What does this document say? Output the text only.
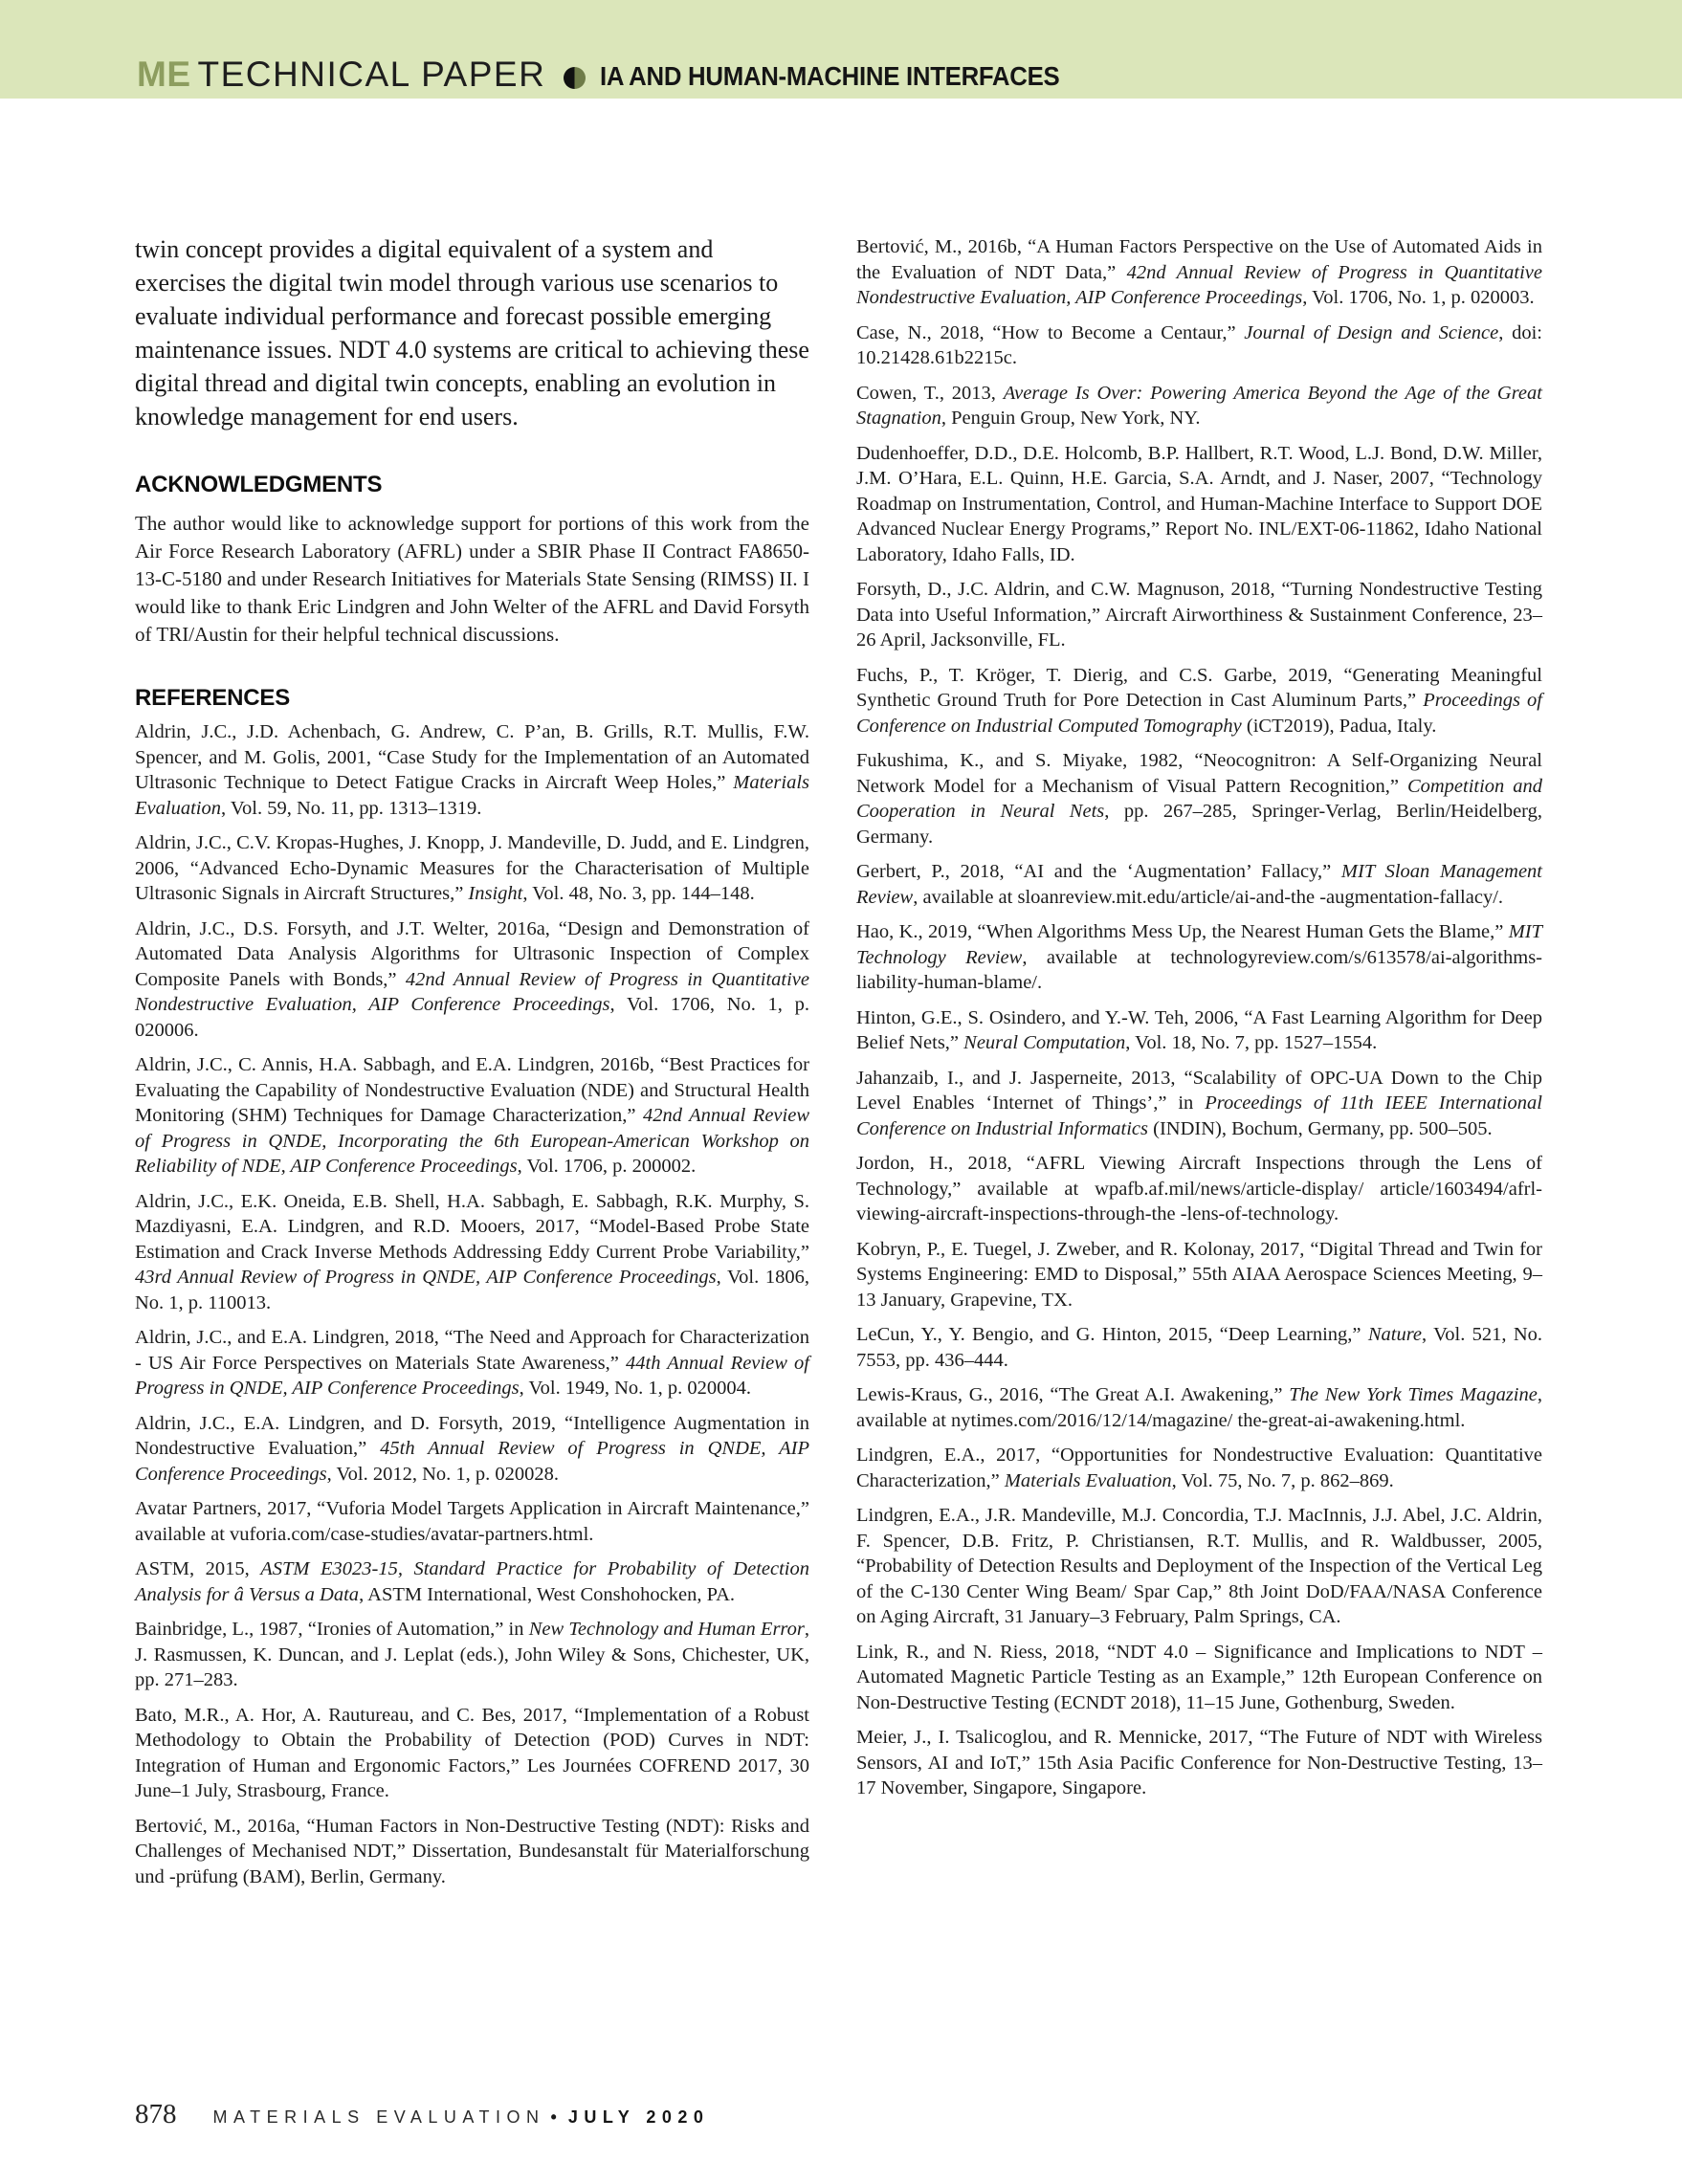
ME TECHNICAL PAPER IA AND HUMAN-MACHINE INTERFACES
twin concept provides a digital equivalent of a system and exercises the digital twin model through various use scenarios to evaluate individual performance and forecast possible emerging maintenance issues. NDT 4.0 systems are critical to achieving these digital thread and digital twin concepts, enabling an evolution in knowledge management for end users.
ACKNOWLEDGMENTS
The author would like to acknowledge support for portions of this work from the Air Force Research Laboratory (AFRL) under a SBIR Phase II Contract FA8650-13-C-5180 and under Research Initiatives for Materials State Sensing (RIMSS) II. I would like to thank Eric Lindgren and John Welter of the AFRL and David Forsyth of TRI/Austin for their helpful technical discussions.
REFERENCES
Aldrin, J.C., J.D. Achenbach, G. Andrew, C. P’an, B. Grills, R.T. Mullis, F.W. Spencer, and M. Golis, 2001, “Case Study for the Implementation of an Automated Ultrasonic Technique to Detect Fatigue Cracks in Aircraft Weep Holes,” Materials Evaluation, Vol. 59, No. 11, pp. 1313–1319.
Aldrin, J.C., C.V. Kropas-Hughes, J. Knopp, J. Mandeville, D. Judd, and E. Lindgren, 2006, “Advanced Echo-Dynamic Measures for the Characterisation of Multiple Ultrasonic Signals in Aircraft Structures,” Insight, Vol. 48, No. 3, pp. 144–148.
Aldrin, J.C., D.S. Forsyth, and J.T. Welter, 2016a, “Design and Demonstration of Automated Data Analysis Algorithms for Ultrasonic Inspection of Complex Composite Panels with Bonds,” 42nd Annual Review of Progress in Quantitative Nondestructive Evaluation, AIP Conference Proceedings, Vol. 1706, No. 1, p. 020006.
Aldrin, J.C., C. Annis, H.A. Sabbagh, and E.A. Lindgren, 2016b, “Best Practices for Evaluating the Capability of Nondestructive Evaluation (NDE) and Structural Health Monitoring (SHM) Techniques for Damage Characterization,” 42nd Annual Review of Progress in QNDE, Incorporating the 6th European-American Workshop on Reliability of NDE, AIP Conference Proceedings, Vol. 1706, p. 200002.
Aldrin, J.C., E.K. Oneida, E.B. Shell, H.A. Sabbagh, E. Sabbagh, R.K. Murphy, S. Mazdiyasni, E.A. Lindgren, and R.D. Mooers, 2017, “Model-Based Probe State Estimation and Crack Inverse Methods Addressing Eddy Current Probe Variability,” 43rd Annual Review of Progress in QNDE, AIP Conference Proceedings, Vol. 1806, No. 1, p. 110013.
Aldrin, J.C., and E.A. Lindgren, 2018, “The Need and Approach for Characterization - US Air Force Perspectives on Materials State Awareness,” 44th Annual Review of Progress in QNDE, AIP Conference Proceedings, Vol. 1949, No. 1, p. 020004.
Aldrin, J.C., E.A. Lindgren, and D. Forsyth, 2019, “Intelligence Augmentation in Nondestructive Evaluation,” 45th Annual Review of Progress in QNDE, AIP Conference Proceedings, Vol. 2012, No. 1, p. 020028.
Avatar Partners, 2017, “Vuforia Model Targets Application in Aircraft Maintenance,” available at vuforia.com/case-studies/avatar-partners.html.
ASTM, 2015, ASTM E3023-15, Standard Practice for Probability of Detection Analysis for â Versus a Data, ASTM International, West Conshohocken, PA.
Bainbridge, L., 1987, “Ironies of Automation,” in New Technology and Human Error, J. Rasmussen, K. Duncan, and J. Leplat (eds.), John Wiley & Sons, Chichester, UK, pp. 271–283.
Bato, M.R., A. Hor, A. Rautureau, and C. Bes, 2017, “Implementation of a Robust Methodology to Obtain the Probability of Detection (POD) Curves in NDT: Integration of Human and Ergonomic Factors,” Les Journées COFREND 2017, 30 June–1 July, Strasbourg, France.
Bertović, M., 2016a, “Human Factors in Non-Destructive Testing (NDT): Risks and Challenges of Mechanised NDT,” Dissertation, Bundesanstalt für Materialforschung und -prüfung (BAM), Berlin, Germany.
Bertović, M., 2016b, “A Human Factors Perspective on the Use of Automated Aids in the Evaluation of NDT Data,” 42nd Annual Review of Progress in Quantitative Nondestructive Evaluation, AIP Conference Proceedings, Vol. 1706, No. 1, p. 020003.
Case, N., 2018, “How to Become a Centaur,” Journal of Design and Science, doi: 10.21428.61b2215c.
Cowen, T., 2013, Average Is Over: Powering America Beyond the Age of the Great Stagnation, Penguin Group, New York, NY.
Dudenhoeffer, D.D., D.E. Holcomb, B.P. Hallbert, R.T. Wood, L.J. Bond, D.W. Miller, J.M. O’Hara, E.L. Quinn, H.E. Garcia, S.A. Arndt, and J. Naser, 2007, “Technology Roadmap on Instrumentation, Control, and Human-Machine Interface to Support DOE Advanced Nuclear Energy Programs,” Report No. INL/EXT-06-11862, Idaho National Laboratory, Idaho Falls, ID.
Forsyth, D., J.C. Aldrin, and C.W. Magnuson, 2018, “Turning Nondestructive Testing Data into Useful Information,” Aircraft Airworthiness & Sustainment Conference, 23–26 April, Jacksonville, FL.
Fuchs, P., T. Kröger, T. Dierig, and C.S. Garbe, 2019, “Generating Meaningful Synthetic Ground Truth for Pore Detection in Cast Aluminum Parts,” Proceedings of Conference on Industrial Computed Tomography (iCT2019), Padua, Italy.
Fukushima, K., and S. Miyake, 1982, “Neocognitron: A Self-Organizing Neural Network Model for a Mechanism of Visual Pattern Recognition,” Competition and Cooperation in Neural Nets, pp. 267–285, Springer-Verlag, Berlin/Heidelberg, Germany.
Gerbert, P., 2018, “AI and the ‘Augmentation’ Fallacy,” MIT Sloan Management Review, available at sloanreview.mit.edu/article/ai-and-the -augmentation-fallacy/.
Hao, K., 2019, “When Algorithms Mess Up, the Nearest Human Gets the Blame,” MIT Technology Review, available at technologyreview.com/s/613578/ai-algorithms-liability-human-blame/.
Hinton, G.E., S. Osindero, and Y.-W. Teh, 2006, “A Fast Learning Algorithm for Deep Belief Nets,” Neural Computation, Vol. 18, No. 7, pp. 1527–1554.
Jahanzaib, I., and J. Jasperneite, 2013, “Scalability of OPC-UA Down to the Chip Level Enables ‘Internet of Things’,” in Proceedings of 11th IEEE International Conference on Industrial Informatics (INDIN), Bochum, Germany, pp. 500–505.
Jordon, H., 2018, “AFRL Viewing Aircraft Inspections through the Lens of Technology,” available at wpafb.af.mil/news/article-display/ article/1603494/afrl-viewing-aircraft-inspections-through-the -lens-of-technology.
Kobryn, P., E. Tuegel, J. Zweber, and R. Kolonay, 2017, “Digital Thread and Twin for Systems Engineering: EMD to Disposal,” 55th AIAA Aerospace Sciences Meeting, 9–13 January, Grapevine, TX.
LeCun, Y., Y. Bengio, and G. Hinton, 2015, “Deep Learning,” Nature, Vol. 521, No. 7553, pp. 436–444.
Lewis-Kraus, G., 2016, “The Great A.I. Awakening,” The New York Times Magazine, available at nytimes.com/2016/12/14/magazine/ the-great-ai-awakening.html.
Lindgren, E.A., 2017, “Opportunities for Nondestructive Evaluation: Quantitative Characterization,” Materials Evaluation, Vol. 75, No. 7, p. 862–869.
Lindgren, E.A., J.R. Mandeville, M.J. Concordia, T.J. MacInnis, J.J. Abel, J.C. Aldrin, F. Spencer, D.B. Fritz, P. Christiansen, R.T. Mullis, and R. Waldbusser, 2005, “Probability of Detection Results and Deployment of the Inspection of the Vertical Leg of the C-130 Center Wing Beam/ Spar Cap,” 8th Joint DoD/FAA/NASA Conference on Aging Aircraft, 31 January–3 February, Palm Springs, CA.
Link, R., and N. Riess, 2018, “NDT 4.0 – Significance and Implications to NDT – Automated Magnetic Particle Testing as an Example,” 12th European Conference on Non-Destructive Testing (ECNDT 2018), 11–15 June, Gothenburg, Sweden.
Meier, J., I. Tsalicoglou, and R. Mennicke, 2017, “The Future of NDT with Wireless Sensors, AI and IoT,” 15th Asia Pacific Conference for Non-Destructive Testing, 13–17 November, Singapore, Singapore.
878 MATERIALS EVALUATION • JULY 2020
